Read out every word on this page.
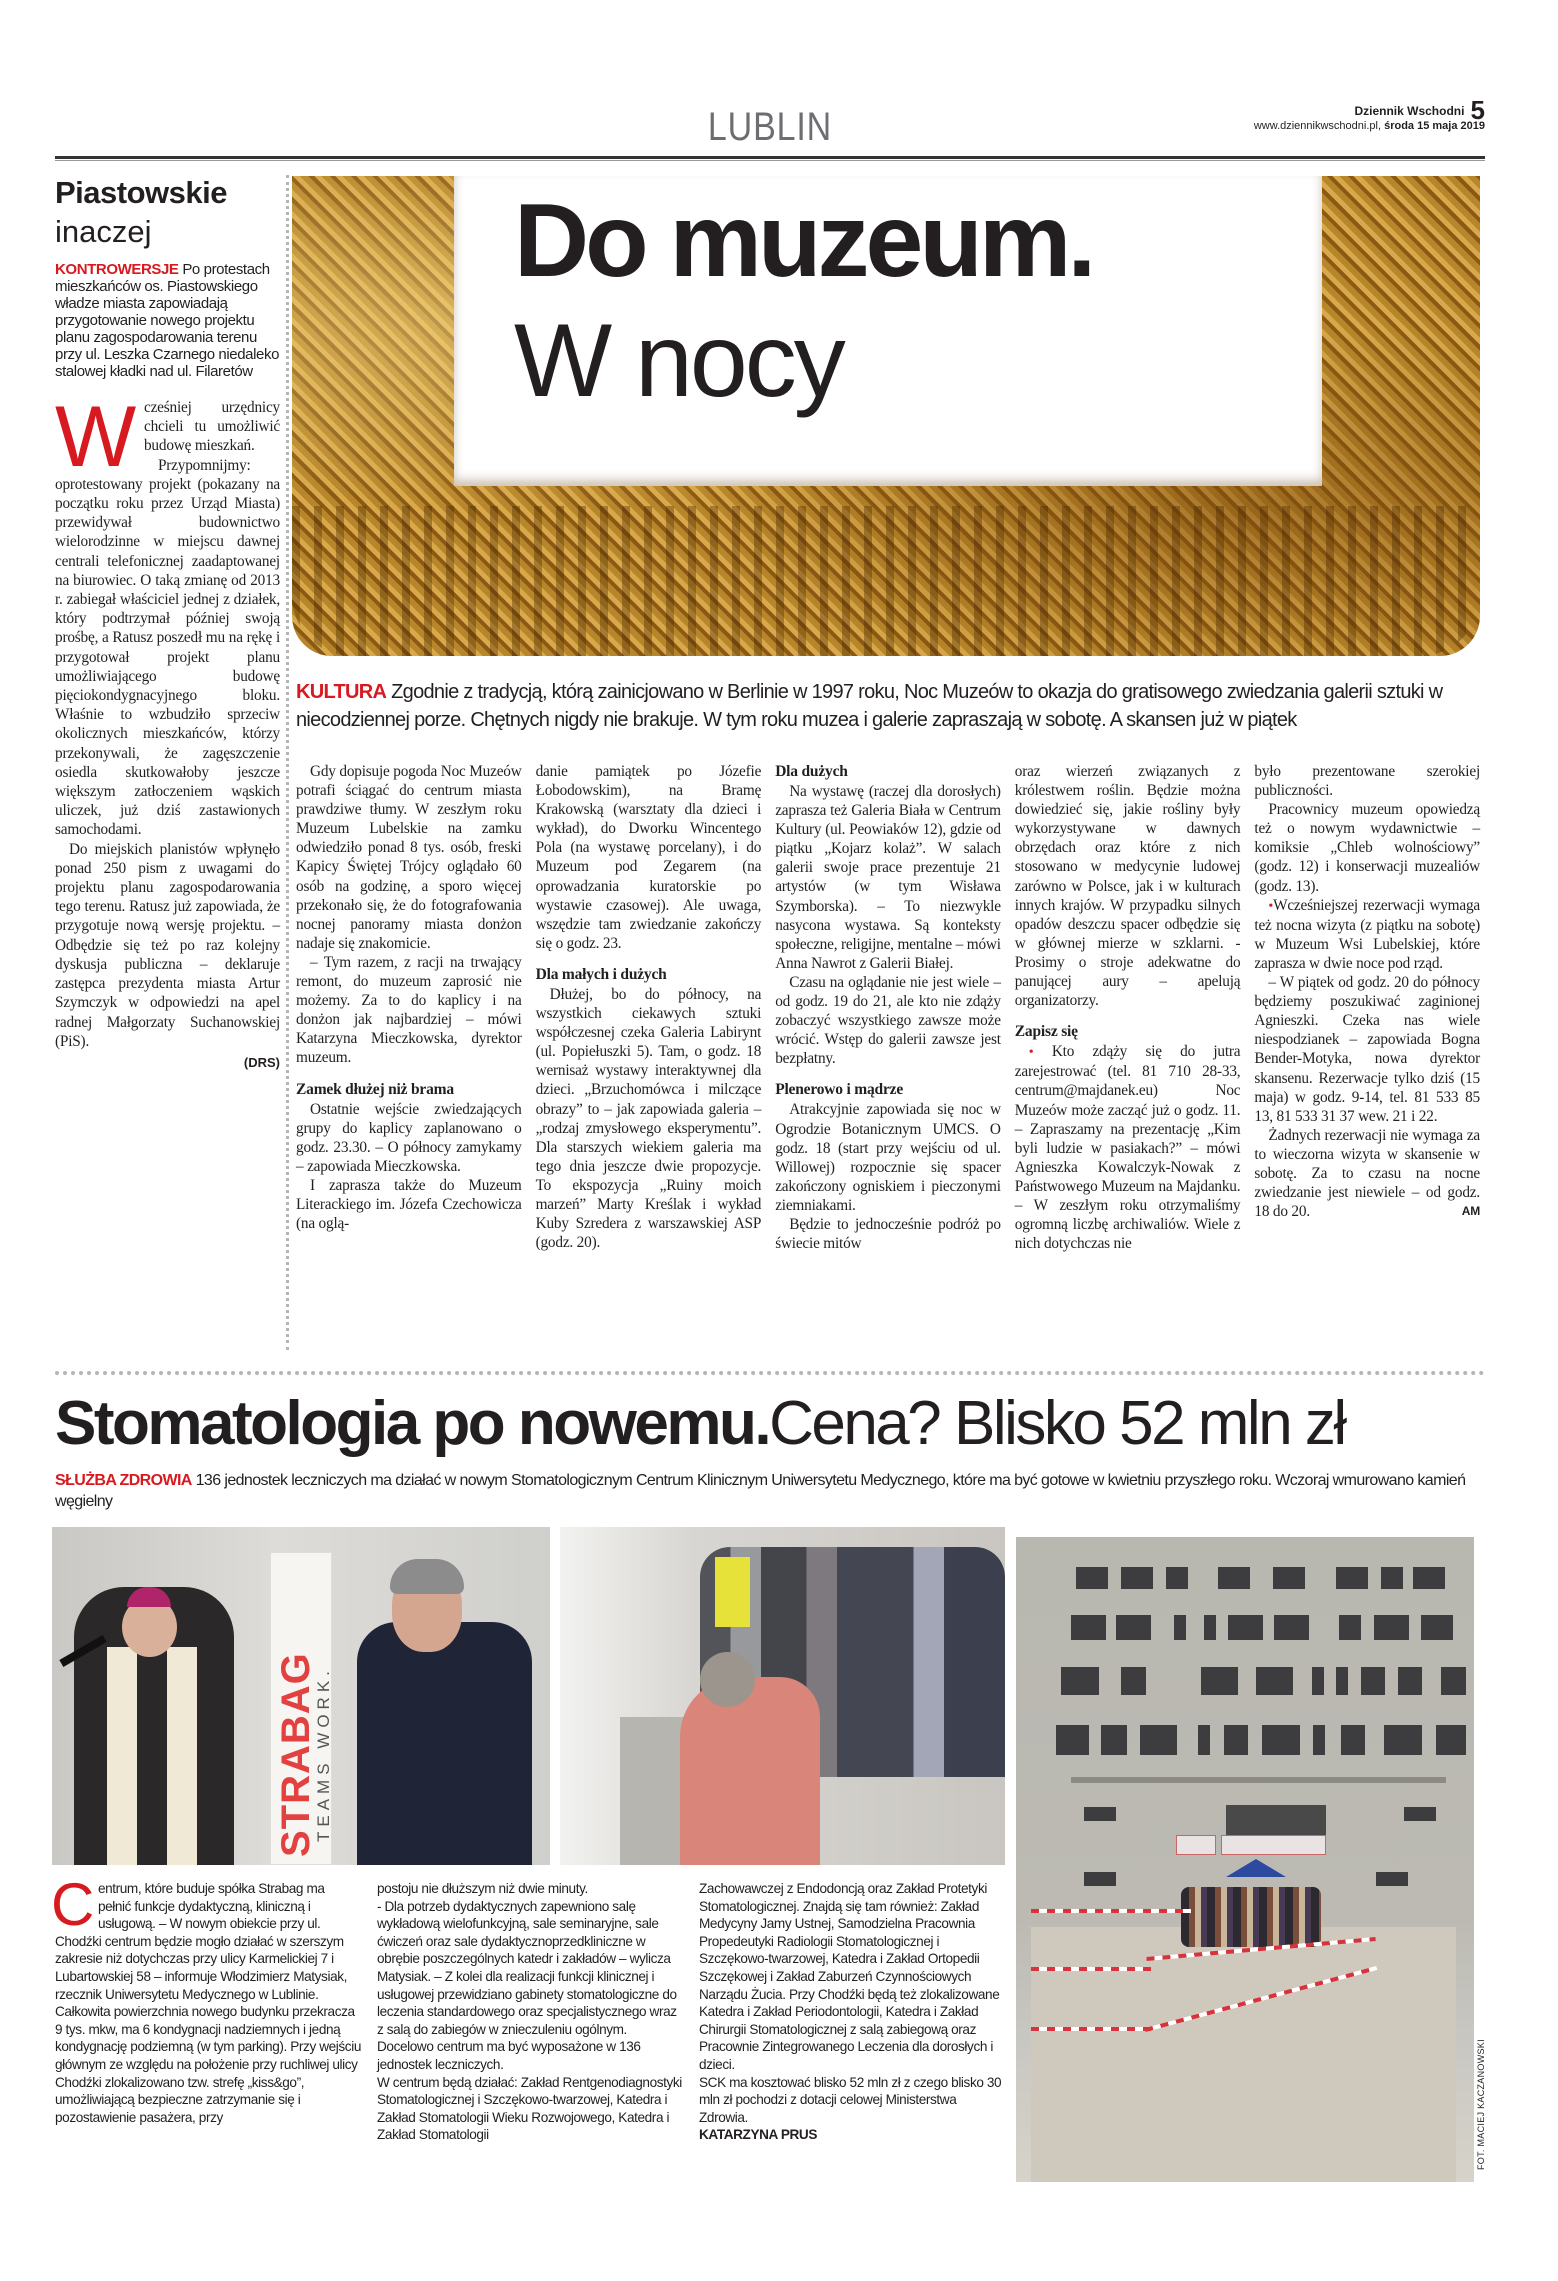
LUBLIN	Dziennik Wschodni 5
www.dziennikwschodni.pl, środa 15 maja 2019
Piastowskie
inaczej
KONTROWERSJE Po protestach mieszkańców os. Piastowskiego władze miasta zapowiadają przygotowanie nowego projektu planu zagospodarowania terenu przy ul. Leszka Czarnego niedaleko stalowej kładki nad ul. Filaretów

Wcześniej urzędnicy chcieli tu umożliwić budowę mieszkań.

Przypomnijmy: oprotestowany projekt (pokazany na początku roku przez Urząd Miasta) przewidywał budownictwo wielorodzinne w miejscu dawnej centrali telefonicznej zaadaptowanej na biurowiec. O taką zmianę od 2013 r. zabiegał właściciel jednej z działek, który podtrzymał później swoją prośbę, a Ratusz poszedł mu na rękę i przygotował projekt planu umożliwiającego budowę pięciokondygnacyjnego bloku. Właśnie to wzbudziło sprzeciw okolicznych mieszkańców, którzy przekonywali, że zagęszczenie osiedla skutkowałoby jeszcze większym zatłoczeniem wąskich uliczek, już dziś zastawionych samochodami.

Do miejskich planistów wpłynęło ponad 250 pism z uwagami do projektu planu zagospodarowania tego terenu. Ratusz już zapowiada, że przygotuje nową wersję projektu. – Odbędzie się też po raz kolejny dyskusja publiczna – deklaruje zastępca prezydenta miasta Artur Szymczyk w odpowiedzi na apel radnej Małgorzaty Suchanowskiej (PiS).

(DRS)
Do muzeum.
W nocy
KULTURA Zgodnie z tradycją, którą zainicjowano w Berlinie w 1997 roku, Noc Muzeów to okazja do gratisowego zwiedzania galerii sztuki w niecodziennej porze. Chętnych nigdy nie brakuje. W tym roku muzea i galerie zapraszają w sobotę. A skansen już w piątek

Gdy dopisuje pogoda Noc Muzeów potrafi ściągać do centrum miasta prawdziwe tłumy. W zeszłym roku Muzeum Lubelskie na zamku odwiedziło ponad 8 tys. osób, freski Kapicy Świętej Trójcy oglądało 60 osób na godzinę, a sporo więcej przekonało się, że do fotografowania nocnej panoramy miasta donżon nadaje się znakomicie.

– Tym razem, z racji na trwający remont, do muzeum zaprosić nie możemy. Za to do kaplicy i na donżon jak najbardziej – mówi Katarzyna Mieczkowska, dyrektor muzeum.

Zamek dłużej niż brama

Ostatnie wejście zwiedzających grupy do kaplicy zaplanowano o godz. 23.30. – O północy zamykamy – zapowiada Mieczkowska.

I zaprasza także do Muzeum Literackiego im. Józefa Czechowicza (na oglą-

danie pamiątek po Józefie Łobodowskim), na Bramę Krakowską (warsztaty dla dzieci i wykład), do Dworku Wincentego Pola (na wystawę porcelany), i do Muzeum pod Zegarem (na oprowadzania kuratorskie po wystawie czasowej). Ale uwaga, wszędzie tam zwiedzanie zakończy się o godz. 23.

Dla małych i dużych

Dłużej, bo do północy, na wszystkich ciekawych sztuki współczesnej czeka Galeria Labirynt (ul. Popiełuszki 5). Tam, o godz. 18 wernisaż wystawy interaktywnej dla dzieci. „Brzuchomówca i milczące obrazy” to – jak zapowiada galeria – „rodzaj zmysłowego eksperymentu”. Dla starszych wiekiem galeria ma tego dnia jeszcze dwie propozycje. To ekspozycja „Ruiny moich marzeń” Marty Kreślak i wykład Kuby Szredera z warszawskiej ASP (godz. 20).

Dla dużych

Na wystawę (raczej dla dorosłych) zaprasza też Galeria Biała w Centrum Kultury (ul. Peowiaków 12), gdzie od piątku „Kojarz kolaż”. W salach galerii swoje prace prezentuje 21 artystów (w tym Wisława Szymborska). – To niezwykle nasycona wystawa. Są konteksty społeczne, religijne, mentalne – mówi Anna Nawrot z Galerii Białej.

Czasu na oglądanie nie jest wiele – od godz. 19 do 21, ale kto nie zdąży zobaczyć wszystkiego zawsze może wrócić. Wstęp do galerii zawsze jest bezpłatny.

Plenerowo i mądrze

Atrakcyjnie zapowiada się noc w Ogrodzie Botanicznym UMCS. O godz. 18 (start przy wejściu od ul. Willowej) rozpocznie się spacer zakończony ogniskiem i pieczonymi ziemniakami.

Będzie to jednocześnie podróż po świecie mitów

oraz wierzeń związanych z królestwem roślin. Będzie można dowiedzieć się, jakie rośliny były wykorzystywane w dawnych obrzędach oraz które z nich stosowano w medycynie ludowej zarówno w Polsce, jak i w kulturach innych krajów. W przypadku silnych opadów deszczu spacer odbędzie się w głównej mierze w szklarni. - Prosimy o stroje adekwatne do panującej aury – apelują organizatorzy.

Zapisz się

• Kto zdąży się do jutra zarejestrować (tel. 81 710 28-33, centrum@majdanek.eu) Noc Muzeów może zacząć już o godz. 11. – Zapraszamy na prezentację „Kim byli ludzie w pasiakach?” – mówi Agnieszka Kowalczyk-Nowak z Państwowego Muzeum na Majdanku. – W zeszłym roku otrzymaliśmy ogromną liczbę archiwaliów. Wiele z nich dotychczas nie

było prezentowane szerokiej publiczności.

Pracownicy muzeum opowiedzą też o nowym wydawnictwie – komiksie „Chleb wolnościowy” (godz. 12) i konserwacji muzealiów (godz. 13).

•Wcześniejszej rezerwacji wymaga też nocna wizyta (z piątku na sobotę) w Muzeum Wsi Lubelskiej, które zaprasza w dwie noce pod rząd.

– W piątek od godz. 20 do północy będziemy poszukiwać zaginionej Agnieszki. Czeka nas wiele niespodzianek – zapowiada Bogna Bender-Motyka, nowa dyrektor skansenu. Rezerwacje tylko dziś (15 maja) w godz. 9-14, tel. 81 533 85 13, 81 533 31 37 wew. 21 i 22.

Żadnych rezerwacji nie wymaga za to wieczorna wizyta w skansenie w sobotę. Za to czasu na nocne zwiedzanie jest niewiele – od godz. 18 do 20.	AM

Stomatologia po nowemu.Cena? Blisko 52 mln zł
SŁUŻBA ZDROWIA 136 jednostek leczniczych ma działać w nowym Stomatologicznym Centrum Klinicznym Uniwersytetu Medycznego, które ma być gotowe w kwietniu przyszłego roku. Wczoraj wmurowano kamień węgielny
STRABAG
TEAMS WORK.
FOT. MACIEJ KACZANOWSKI

Centrum, które buduje spółka Strabag ma pełnić funkcje dydaktyczną, kliniczną i usługową. – W nowym obiekcie przy ul. Chodźki centrum będzie mogło działać w szerszym zakresie niż dotychczas przy ulicy Karmelickiej 7 i Lubartowskiej 58 – informuje Włodzimierz Matysiak, rzecznik Uniwersytetu Medycznego w Lublinie.

Całkowita powierzchnia nowego budynku przekracza 9 tys. mkw, ma 6 kondygnacji nadziemnych i jedną kondygnację podziemną (w tym parking). Przy wejściu głównym ze względu na położenie przy ruchliwej ulicy Chodźki zlokalizowano tzw. strefę „kiss&go”, umożliwiającą bezpieczne zatrzymanie się i pozostawienie pasażera, przy

postoju nie dłuższym niż dwie minuty.

- Dla potrzeb dydaktycznych zapewniono salę wykładową wielofunkcyjną, sale seminaryjne, sale ćwiczeń oraz sale dydaktycznoprzedkliniczne w obrębie poszczególnych katedr i zakładów – wylicza Matysiak. – Z kolei dla realizacji funkcji klinicznej i usługowej przewidziano gabinety stomatologiczne do leczenia standardowego oraz specjalistycznego wraz z salą do zabiegów w znieczuleniu ogólnym. Docelowo centrum ma być wyposażone w 136 jednostek leczniczych.

W centrum będą działać: Zakład Rentgenodiagnostyki Stomatologicznej i Szczękowo-twarzowej, Katedra i Zakład Stomatologii Wieku Rozwojowego, Katedra i Zakład Stomatologii

Zachowawczej z Endodoncją oraz Zakład Protetyki Stomatologicznej. Znajdą się tam również: Zakład Medycyny Jamy Ustnej, Samodzielna Pracownia Propedeutyki Radiologii Stomatologicznej i Szczękowo-twarzowej, Katedra i Zakład Ortopedii Szczękowej i Zakład Zaburzeń Czynnościowych Narządu Żucia. Przy Chodźki będą też zlokalizowane Katedra i Zakład Periodontologii, Katedra i Zakład Chirurgii Stomatologicznej z salą zabiegową oraz Pracownie Zintegrowanego Leczenia dla dorosłych i dzieci.

SCK ma kosztować blisko 52 mln zł z czego blisko 30 mln zł pochodzi z dotacji celowej Ministerstwa Zdrowia.

KATARZYNA PRUS
